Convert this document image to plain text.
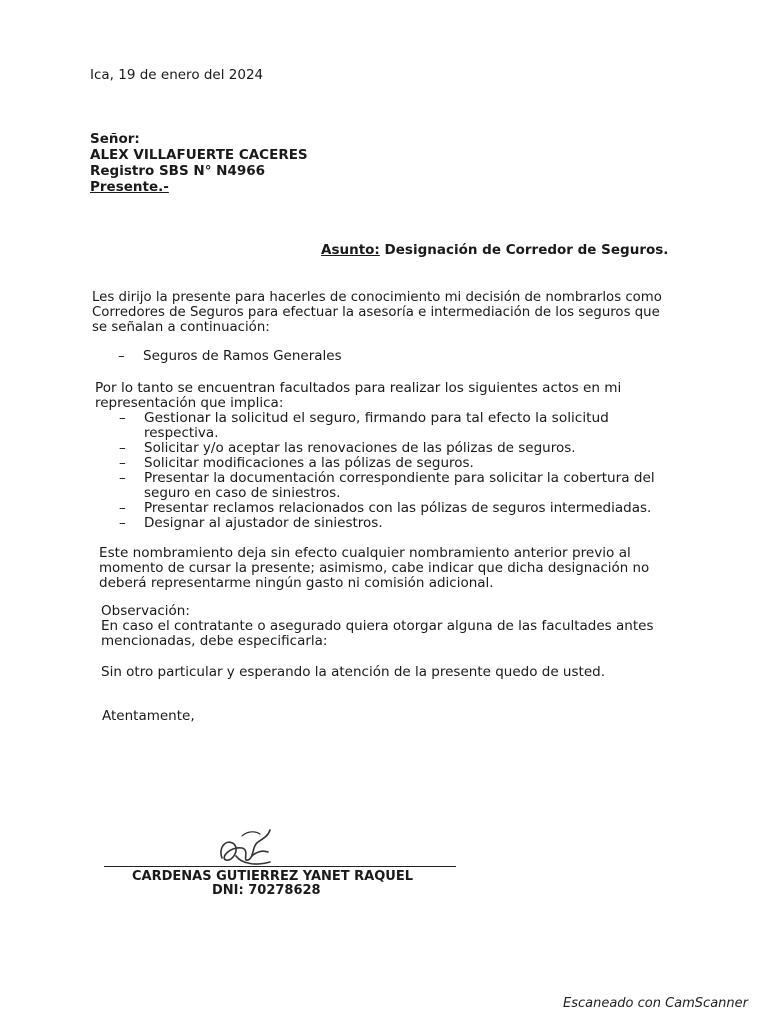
Ica, 19 de enero del 2024
Señor:
ALEX VILLAFUERTE CACERES
Registro SBS N° N4966
Presente.-
Asunto: Designación de Corredor de Seguros.
Les dirijo la presente para hacerles de conocimiento mi decisión de nombrarlos como
Corredores de Seguros para efectuar la asesoría e intermediación de los seguros que
se señalan a continuación:
– Seguros de Ramos Generales
Por lo tanto se encuentran facultados para realizar los siguientes actos en mi
representación que implica:
– Gestionar la solicitud el seguro, firmando para tal efecto la solicitud
respectiva.
– Solicitar y/o aceptar las renovaciones de las pólizas de seguros.
– Solicitar modificaciones a las pólizas de seguros.
– Presentar la documentación correspondiente para solicitar la cobertura del
seguro en caso de siniestros.
– Presentar reclamos relacionados con las pólizas de seguros intermediadas.
– Designar al ajustador de siniestros.
Este nombramiento deja sin efecto cualquier nombramiento anterior previo al
momento de cursar la presente; asimismo, cabe indicar que dicha designación no
deberá representarme ningún gasto ni comisión adicional.
Observación:
En caso el contratante o asegurado quiera otorgar alguna de las facultades antes
mencionadas, debe especificarla:
Sin otro particular y esperando la atención de la presente quedo de usted.
Atentamente,
CARDENAS GUTIERREZ YANET RAQUEL
DNI: 70278628
Escaneado con CamScanner
